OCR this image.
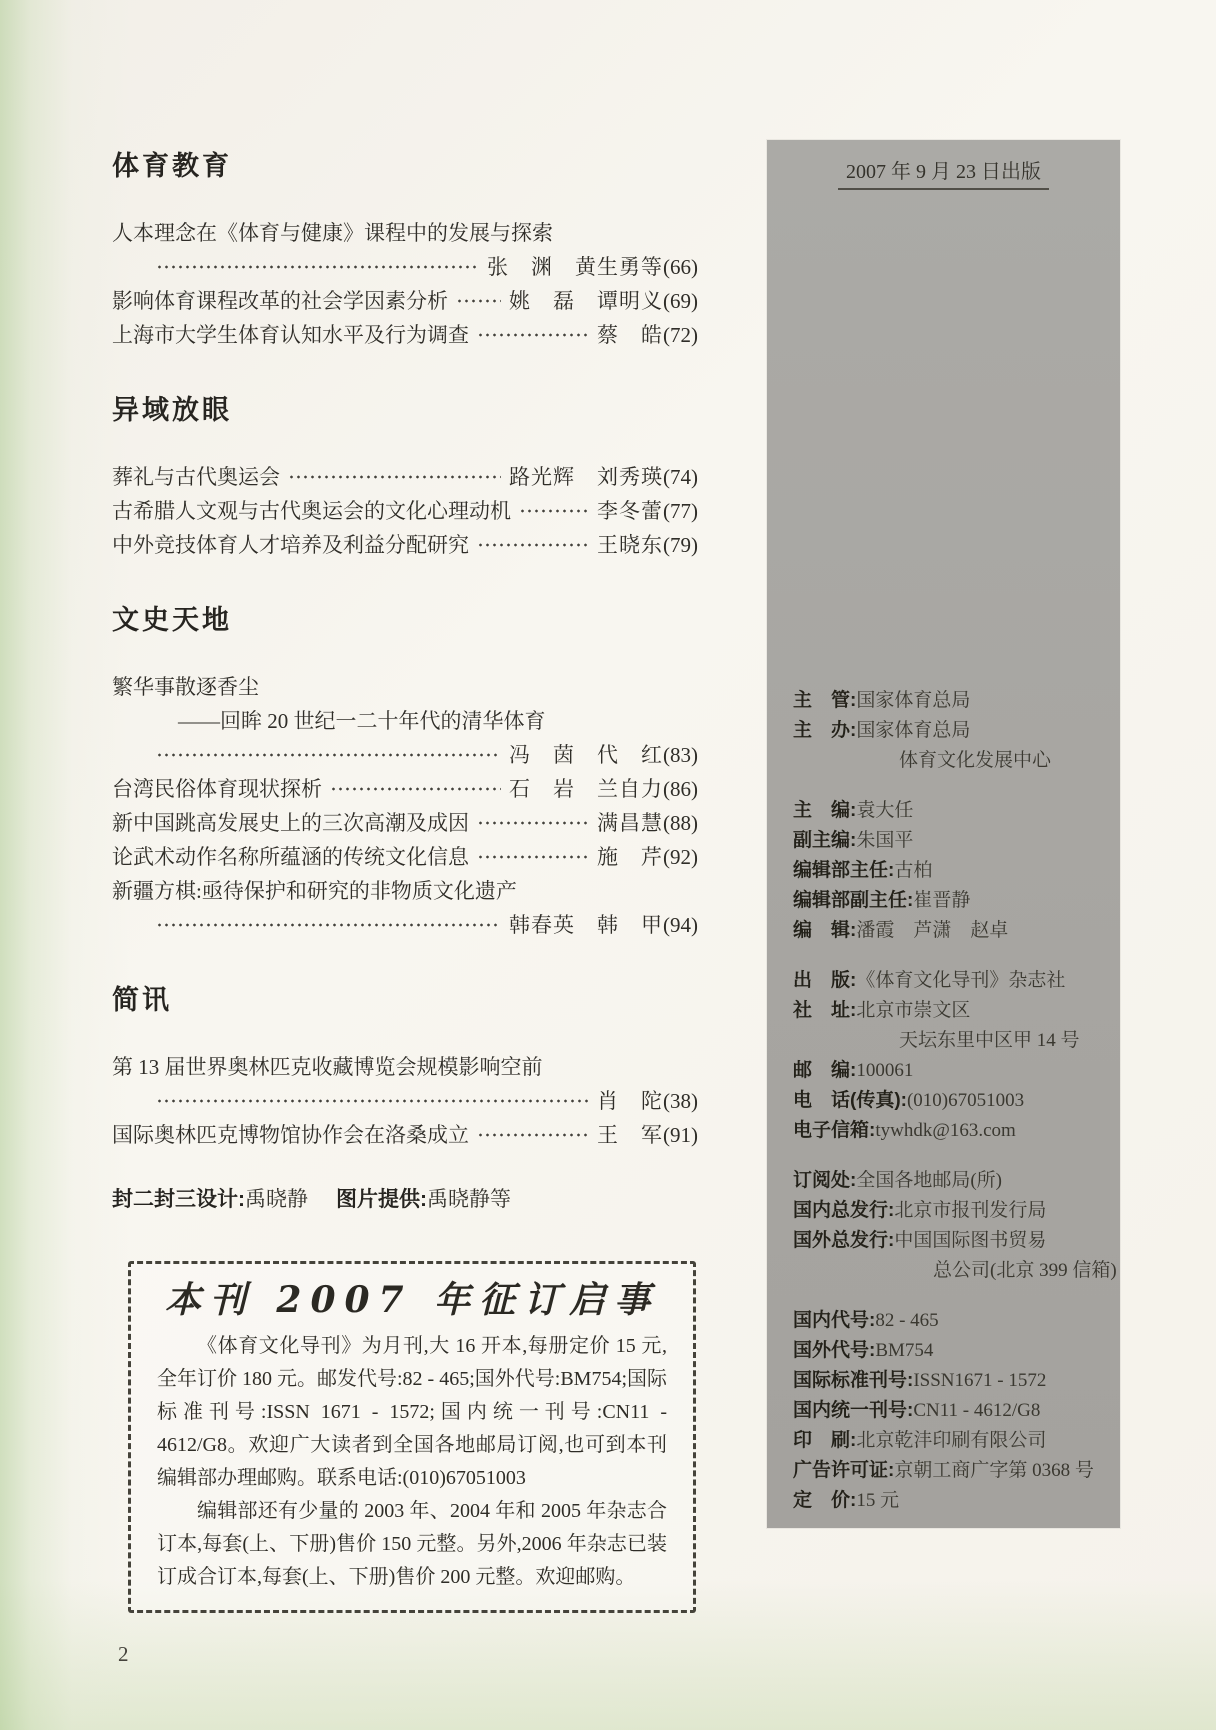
体育教育
人本理念在《体育与健康》课程中的发展与探索
张　渊　黄生勇等 (66)
影响体育课程改革的社会学因素分析	姚　磊　谭明义 (69)
上海市大学生体育认知水平及行为调查	蔡　皓 (72)
异域放眼
葬礼与古代奥运会	路光辉　刘秀瑛 (74)
古希腊人文观与古代奥运会的文化心理动机	李冬蕾 (77)
中外竞技体育人才培养及利益分配研究	王晓东 (79)
文史天地
繁华事散逐香尘
——回眸 20 世纪一二十年代的清华体育
冯　茵　代　红 (83)
台湾民俗体育现状探析	石　岩　兰自力 (86)
新中国跳高发展史上的三次高潮及成因	满昌慧 (88)
论武术动作名称所蕴涵的传统文化信息	施　芹 (92)
新疆方棋:亟待保护和研究的非物质文化遗产
韩春英　韩　甲 (94)
简讯
第 13 届世界奥林匹克收藏博览会规模影响空前
肖　陀 (38)
国际奥林匹克博物馆协作会在洛桑成立	王　军 (91)
封二封三设计:禹晓静 图片提供:禹晓静等
本刊 2007 年征订启事

《体育文化导刊》为月刊,大 16 开本,每册定价 15 元,全年订价 180 元。邮发代号:82 - 465;国外代号:BM754;国际标准刊号:ISSN 1671 - 1572;国内统一刊号:CN11 - 4612/G8。欢迎广大读者到全国各地邮局订阅,也可到本刊编辑部办理邮购。联系电话:(010)67051003

编辑部还有少量的 2003 年、2004 年和 2005 年杂志合订本,每套(上、下册)售价 150 元整。另外,2006 年杂志已装订成合订本,每套(上、下册)售价 200 元整。欢迎邮购。

2007 年 9 月 23 日出版
主　管:国家体育总局
主　办:国家体育总局
体育文化发展中心
主　编:袁大任
副主编:朱国平
编辑部主任:古柏
编辑部副主任:崔晋静
编　辑:潘霞　芦潇　赵卓
出　版:《体育文化导刊》杂志社
社　址:北京市崇文区
天坛东里中区甲 14 号
邮　编:100061
电　话(传真):(010)67051003
电子信箱:tywhdk@163.com
订阅处:全国各地邮局(所)
国内总发行:北京市报刊发行局
国外总发行:中国国际图书贸易
总公司(北京 399 信箱)
国内代号:82 - 465
国外代号:BM754
国际标准刊号:ISSN1671 - 1572
国内统一刊号:CN11 - 4612/G8
印　刷:北京乾沣印刷有限公司
广告许可证:京朝工商广字第 0368 号
定　价:15 元
2
